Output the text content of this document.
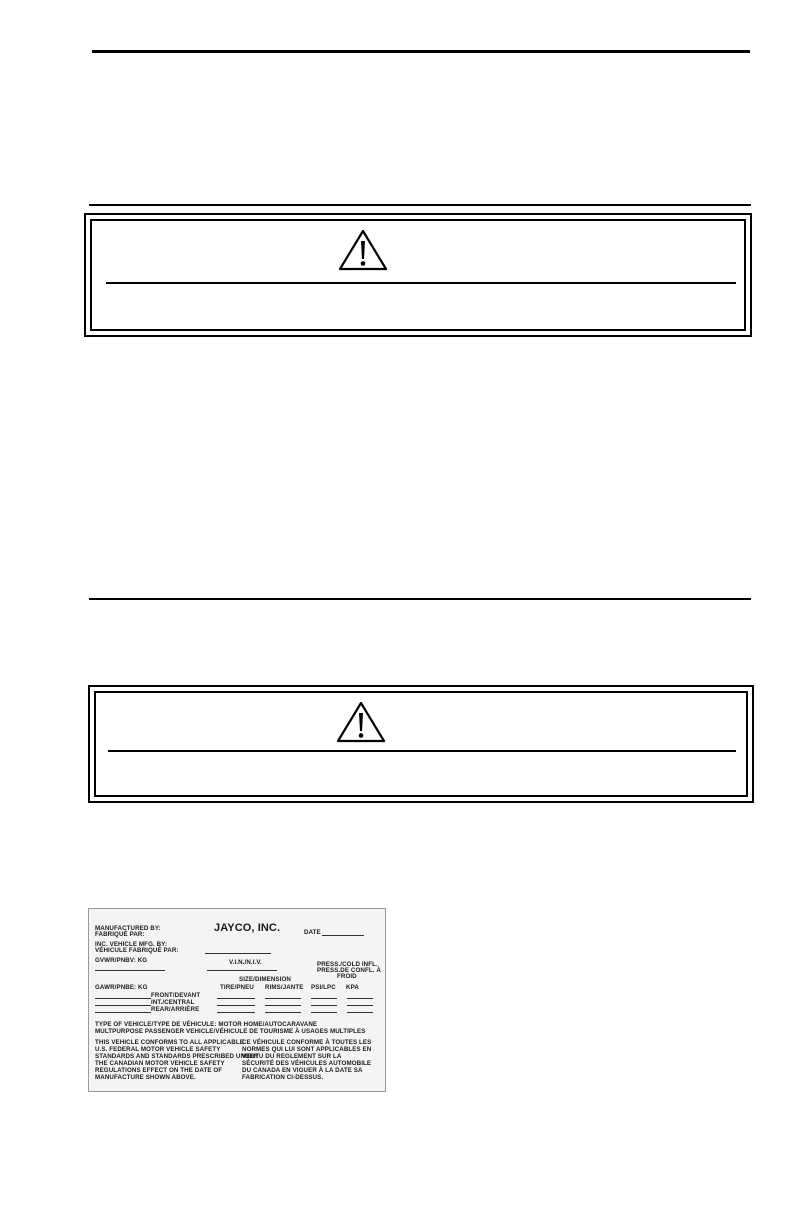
MANUFACTURED BY:
FABRIQUÉ PAR:
JAYCO, INC.	DATE
INC. VEHICLE MFG. BY:
VÉHICULE FABRIQUÉ PAR:
GVWR/PNBV: KG	V.I.N./N.I.V.	PRESS./COLD INFL.
PRESS.DE CONFL. À
FROID
SIZE/DIMENSION
GAWR/PNBE: KG	TIRE/PNEU RIMS/JANTE PSI/LPC KPA
FRONT/DEVANT
INT./CENTRAL
REAR/ARRIÈRE
TYPE OF VEHICLE/TYPE DE VÉHICULE: MOTOR HOME/AUTOCARAVANE
MULTPURPOSE PASSENGER VEHICLE/VÉHICULE DE TOURISME À USAGES MULTIPLES
THIS VEHICLE CONFORMS TO ALL APPLICABLE
U.S. FEDERAL MOTOR VEHICLE SAFETY
STANDARDS AND STANDARDS PRESCRIBED UNDER
THE CANADIAN MOTOR VEHICLE SAFETY
REGULATIONS EFFECT ON THE DATE OF
MANUFACTURE SHOWN ABOVE.
CE VÉHICULE CONFORME À TOUTES LES
NORMES QUI LUI SONT APPLICABLES EN
VERTU DU REGLEMENT SUR LA
SÉCURITÉ DES VÉHICULES AUTOMOBILE
DU CANADA EN VIGUER À LA DATE SA
FABRICATION CI-DESSUS.
